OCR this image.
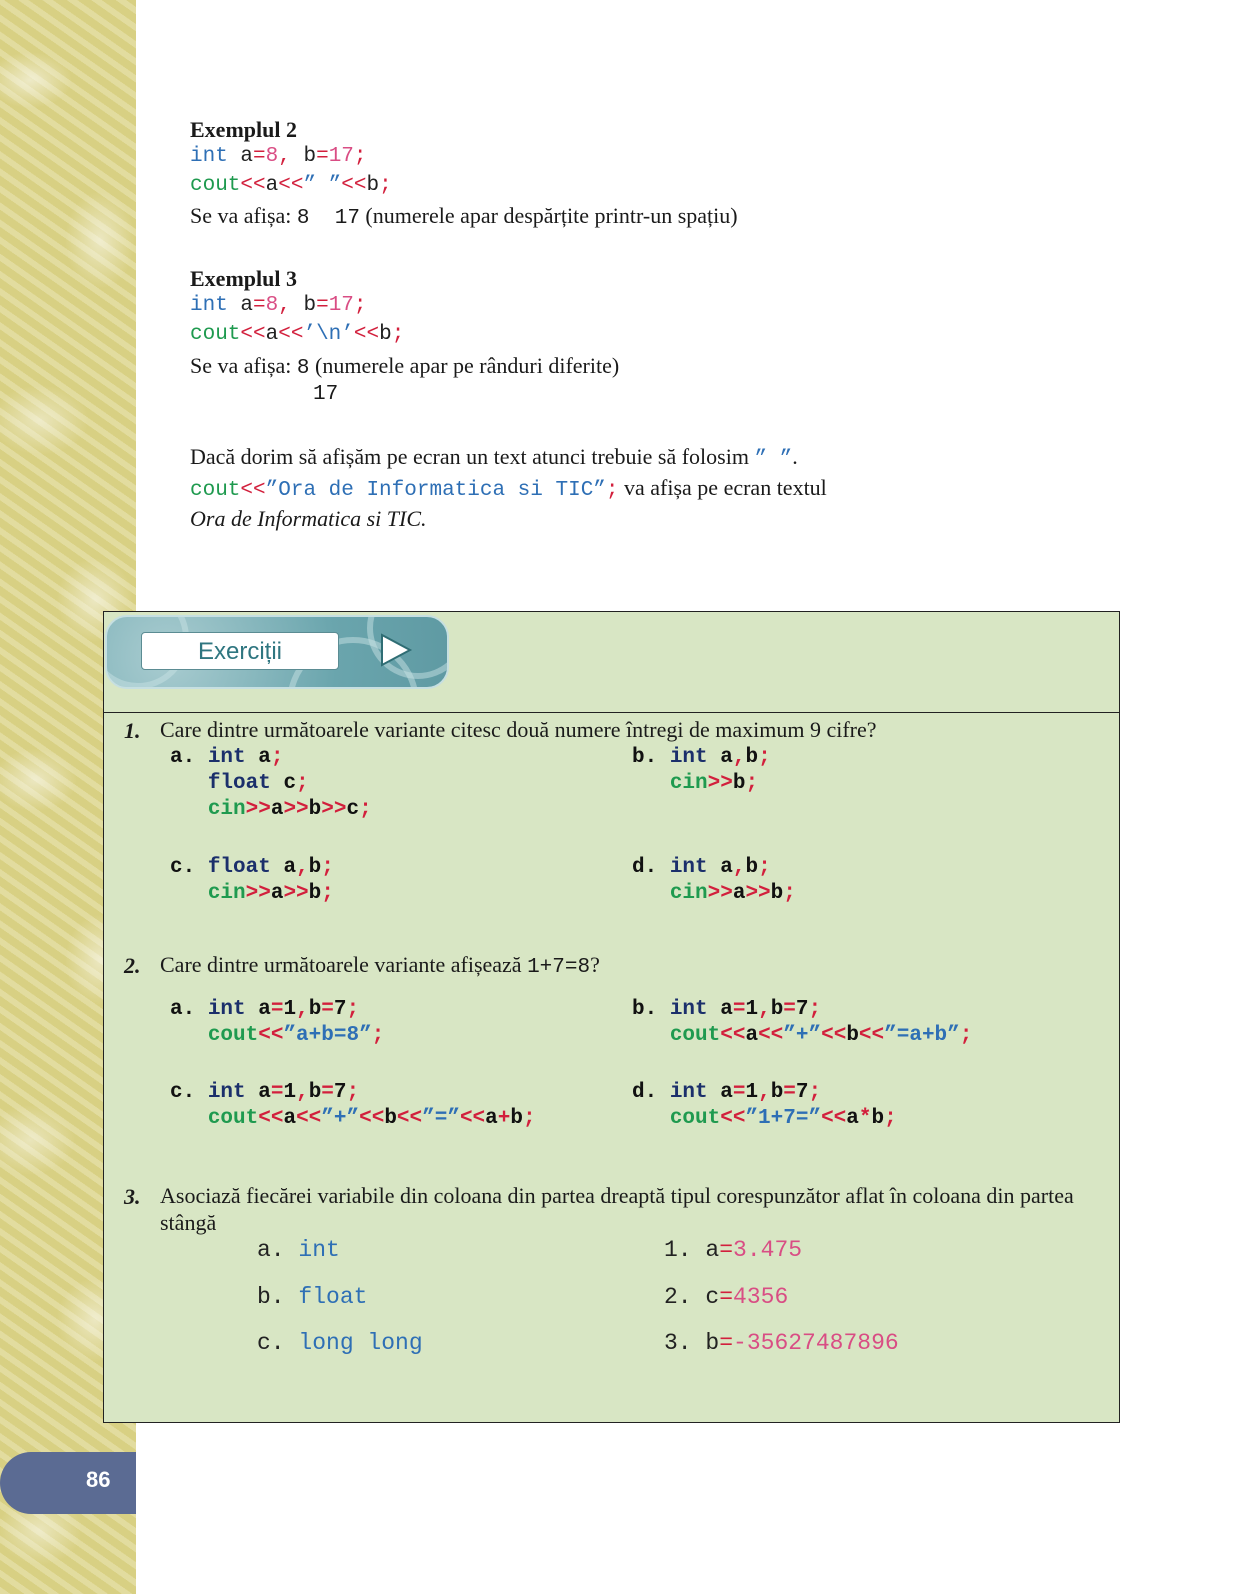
86
Exemplul 2
int a=8, b=17;
cout<<a<<” ”<<b;
Se va afișa: 8  17 (numerele apar despărțite printr-un spațiu)
Exemplul 3
int a=8, b=17;
cout<<a<<’\n’<<b;
Se va afișa: 8 (numerele apar pe rânduri diferite)
17
Dacă dorim să afișăm pe ecran un text atunci trebuie să folosim ” ”.
cout<<”Ora de Informatica si TIC”; va afișa pe ecran textul
Ora de Informatica si TIC.
Exerciții
1. Care dintre următoarele variante citesc două numere întregi de maximum 9 cifre?
a. int a;
float c;
cin>>a>>b>>c;
b. int a,b;
cin>>b;
c. float a,b;
cin>>a>>b;
d. int a,b;
cin>>a>>b;
2. Care dintre următoarele variante afișează 1+7=8?
a. int a=1,b=7;
cout<<”a+b=8”;
b. int a=1,b=7;
cout<<a<<”+”<<b<<”=a+b”;
c. int a=1,b=7;
cout<<a<<”+”<<b<<”=”<<a+b;
d. int a=1,b=7;
cout<<”1+7=”<<a*b;
3. Asociază fiecărei variabile din coloana din partea dreaptă tipul corespunzător aflat în coloana din partea
stângă
a. int
b. float
c. long long
1. a=3.475
2. c=4356
3. b=-35627487896
